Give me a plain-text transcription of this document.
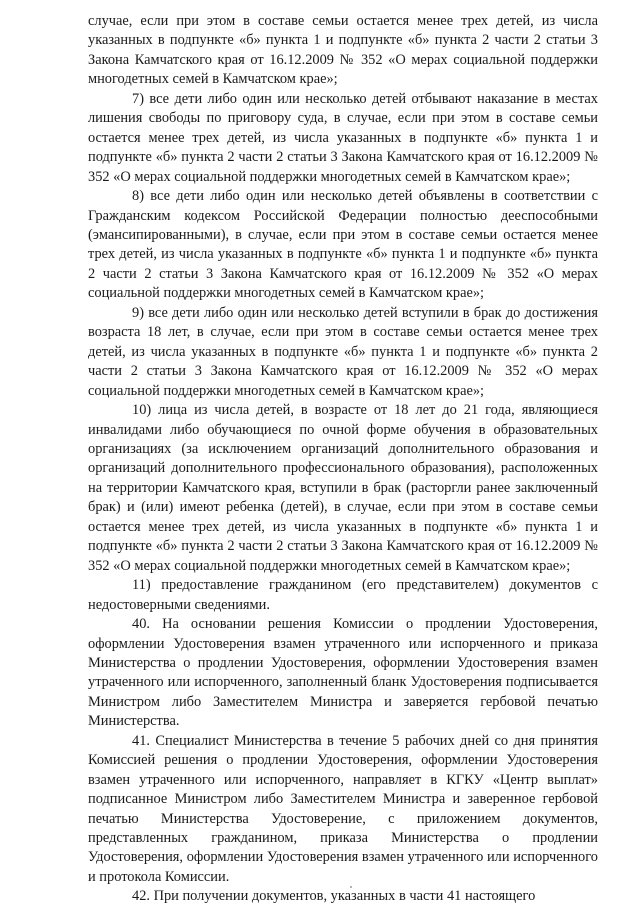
случае, если при этом в составе семьи остается менее трех детей, из числа указанных в подпункте «б» пункта 1 и подпункте «б» пункта 2 части 2 статьи 3 Закона Камчатского края от 16.12.2009 № 352 «О мерах социальной поддержки многодетных семей в Камчатском крае»;

7) все дети либо один или несколько детей отбывают наказание в местах лишения свободы по приговору суда, в случае, если при этом в составе семьи остается менее трех детей, из числа указанных в подпункте «б» пункта 1 и подпункте «б» пункта 2 части 2 статьи 3 Закона Камчатского края от 16.12.2009 № 352 «О мерах социальной поддержки многодетных семей в Камчатском крае»;

8) все дети либо один или несколько детей объявлены в соответствии с Гражданским кодексом Российской Федерации полностью дееспособными (эмансипированными), в случае, если при этом в составе семьи остается менее трех детей, из числа указанных в подпункте «б» пункта 1 и подпункте «б» пункта 2 части 2 статьи 3 Закона Камчатского края от 16.12.2009 № 352 «О мерах социальной поддержки многодетных семей в Камчатском крае»;

9) все дети либо один или несколько детей вступили в брак до достижения возраста 18 лет, в случае, если при этом в составе семьи остается менее трех детей, из числа указанных в подпункте «б» пункта 1 и подпункте «б» пункта 2 части 2 статьи 3 Закона Камчатского края от 16.12.2009 № 352 «О мерах социальной поддержки многодетных семей в Камчатском крае»;

10) лица из числа детей, в возрасте от 18 лет до 21 года, являющиеся инвалидами либо обучающиеся по очной форме обучения в образовательных организациях (за исключением организаций дополнительного образования и организаций дополнительного профессионального образования), расположенных на территории Камчатского края, вступили в брак (расторгли ранее заключенный брак) и (или) имеют ребенка (детей), в случае, если при этом в составе семьи остается менее трех детей, из числа указанных в подпункте «б» пункта 1 и подпункте «б» пункта 2 части 2 статьи 3 Закона Камчатского края от 16.12.2009 № 352 «О мерах социальной поддержки многодетных семей в Камчатском крае»;

11) предоставление гражданином (его представителем) документов с недостоверными сведениями.

40. На основании решения Комиссии о продлении Удостоверения, оформлении Удостоверения взамен утраченного или испорченного и приказа Министерства о продлении Удостоверения, оформлении Удостоверения взамен утраченного или испорченного, заполненный бланк Удостоверения подписывается Министром либо Заместителем Министра и заверяется гербовой печатью Министерства.

41. Специалист Министерства в течение 5 рабочих дней со дня принятия Комиссией решения о продлении Удостоверения, оформлении Удостоверения взамен утраченного или испорченного, направляет в КГКУ «Центр выплат» подписанное Министром либо Заместителем Министра и заверенное гербовой печатью Министерства Удостоверение, с приложением документов, представленных гражданином, приказа Министерства о продлении Удостоверения, оформлении Удостоверения взамен утраченного или испорченного и протокола Комиссии.

42. При получении документов, указанных в части 41 настоящего
